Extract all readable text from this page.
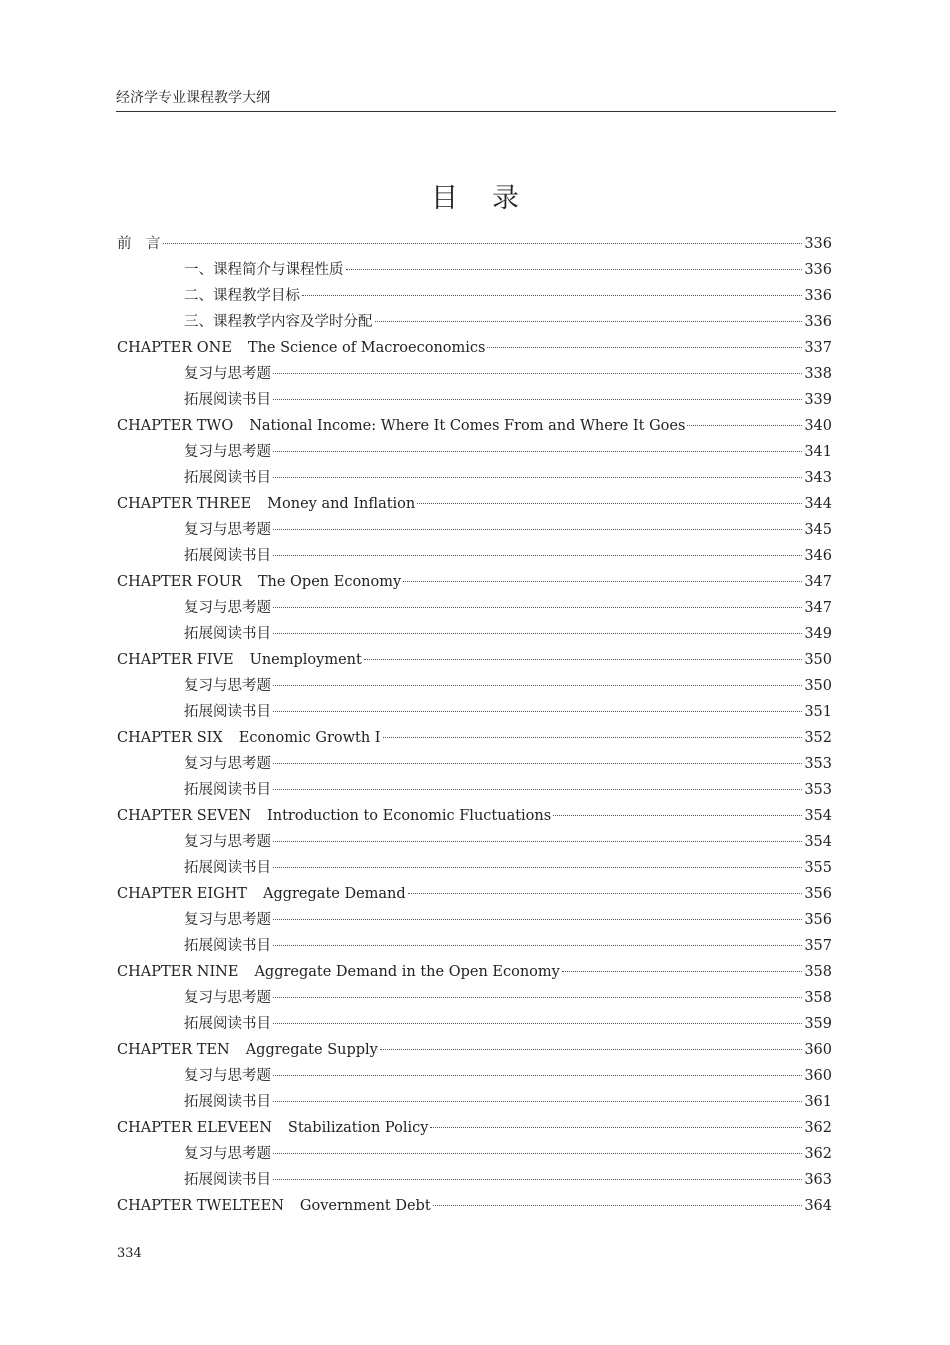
经济学专业课程教学大纲
目录
前　言	336
一、课程简介与课程性质	336
二、课程教学目标	336
三、课程教学内容及学时分配	336
CHAPTER ONE The Science of Macroeconomics	337
复习与思考题	338
拓展阅读书目	339
CHAPTER TWO National Income: Where It Comes From and Where It Goes	340
复习与思考题	341
拓展阅读书目	343
CHAPTER THREE Money and Inflation	344
复习与思考题	345
拓展阅读书目	346
CHAPTER FOUR The Open Economy	347
复习与思考题	347
拓展阅读书目	349
CHAPTER FIVE Unemployment	350
复习与思考题	350
拓展阅读书目	351
CHAPTER SIX Economic Growth I	352
复习与思考题	353
拓展阅读书目	353
CHAPTER SEVEN Introduction to Economic Fluctuations	354
复习与思考题	354
拓展阅读书目	355
CHAPTER EIGHT Aggregate Demand	356
复习与思考题	356
拓展阅读书目	357
CHAPTER NINE Aggregate Demand in the Open Economy	358
复习与思考题	358
拓展阅读书目	359
CHAPTER TEN Aggregate Supply	360
复习与思考题	360
拓展阅读书目	361
CHAPTER ELEVEEN Stabilization Policy	362
复习与思考题	362
拓展阅读书目	363
CHAPTER TWELTEEN Government Debt	364
334
